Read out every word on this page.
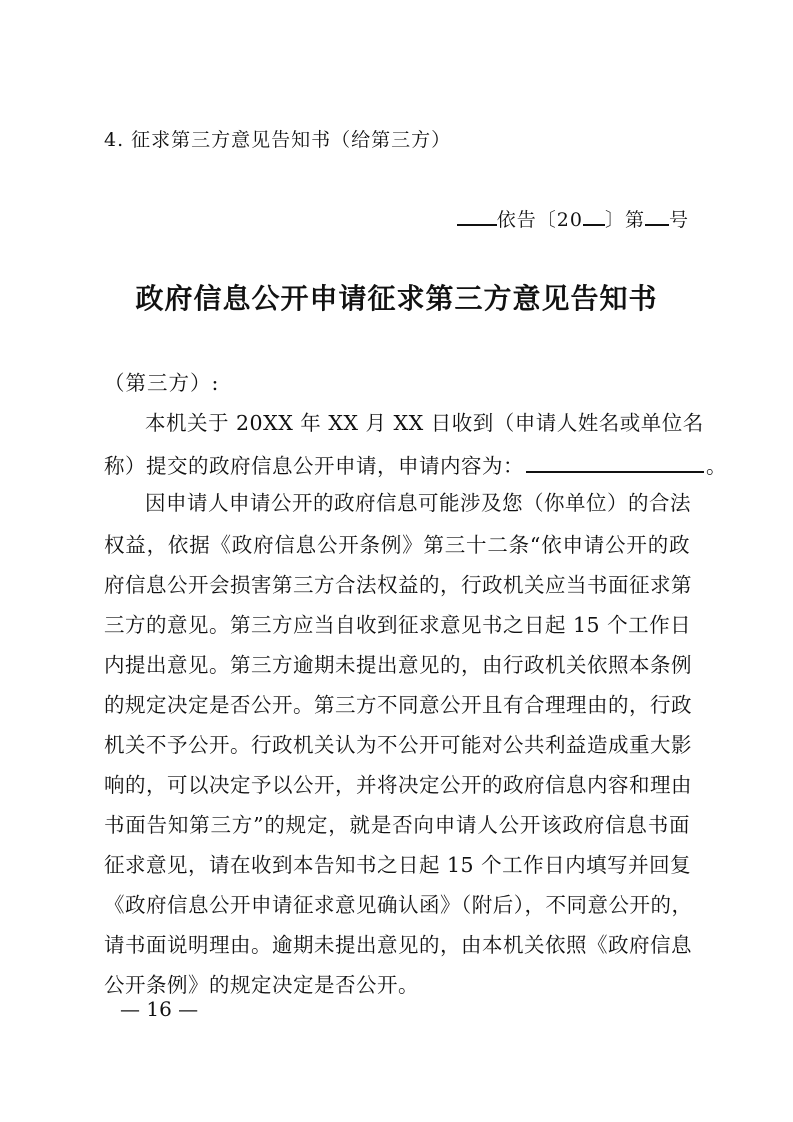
4. 征求第三方意见告知书（给第三方）
依告〔20 〕第 号
政府信息公开申请征求第三方意见告知书
（第三方）:
本机关于 20XX 年 XX 月 XX 日收到（申请人姓名或单位名
称）提交的政府信息公开申请，申请内容为：	。
因申请人申请公开的政府信息可能涉及您（你单位）的合法
权益，依据《政府信息公开条例》第三十二条“依申请公开的政
府信息公开会损害第三方合法权益的，行政机关应当书面征求第
三方的意见。第三方应当自收到征求意见书之日起 15 个工作日
内提出意见。第三方逾期未提出意见的，由行政机关依照本条例
的规定决定是否公开。第三方不同意公开且有合理理由的，行政
机关不予公开。行政机关认为不公开可能对公共利益造成重大影
响的，可以决定予以公开，并将决定公开的政府信息内容和理由
书面告知第三方”的规定，就是否向申请人公开该政府信息书面
征求意见，请在收到本告知书之日起 15 个工作日内填写并回复
《政府信息公开申请征求意见确认函》（附后），不同意公开的，
请书面说明理由。逾期未提出意见的，由本机关依照《政府信息
公开条例》的规定决定是否公开。
— 16 —
